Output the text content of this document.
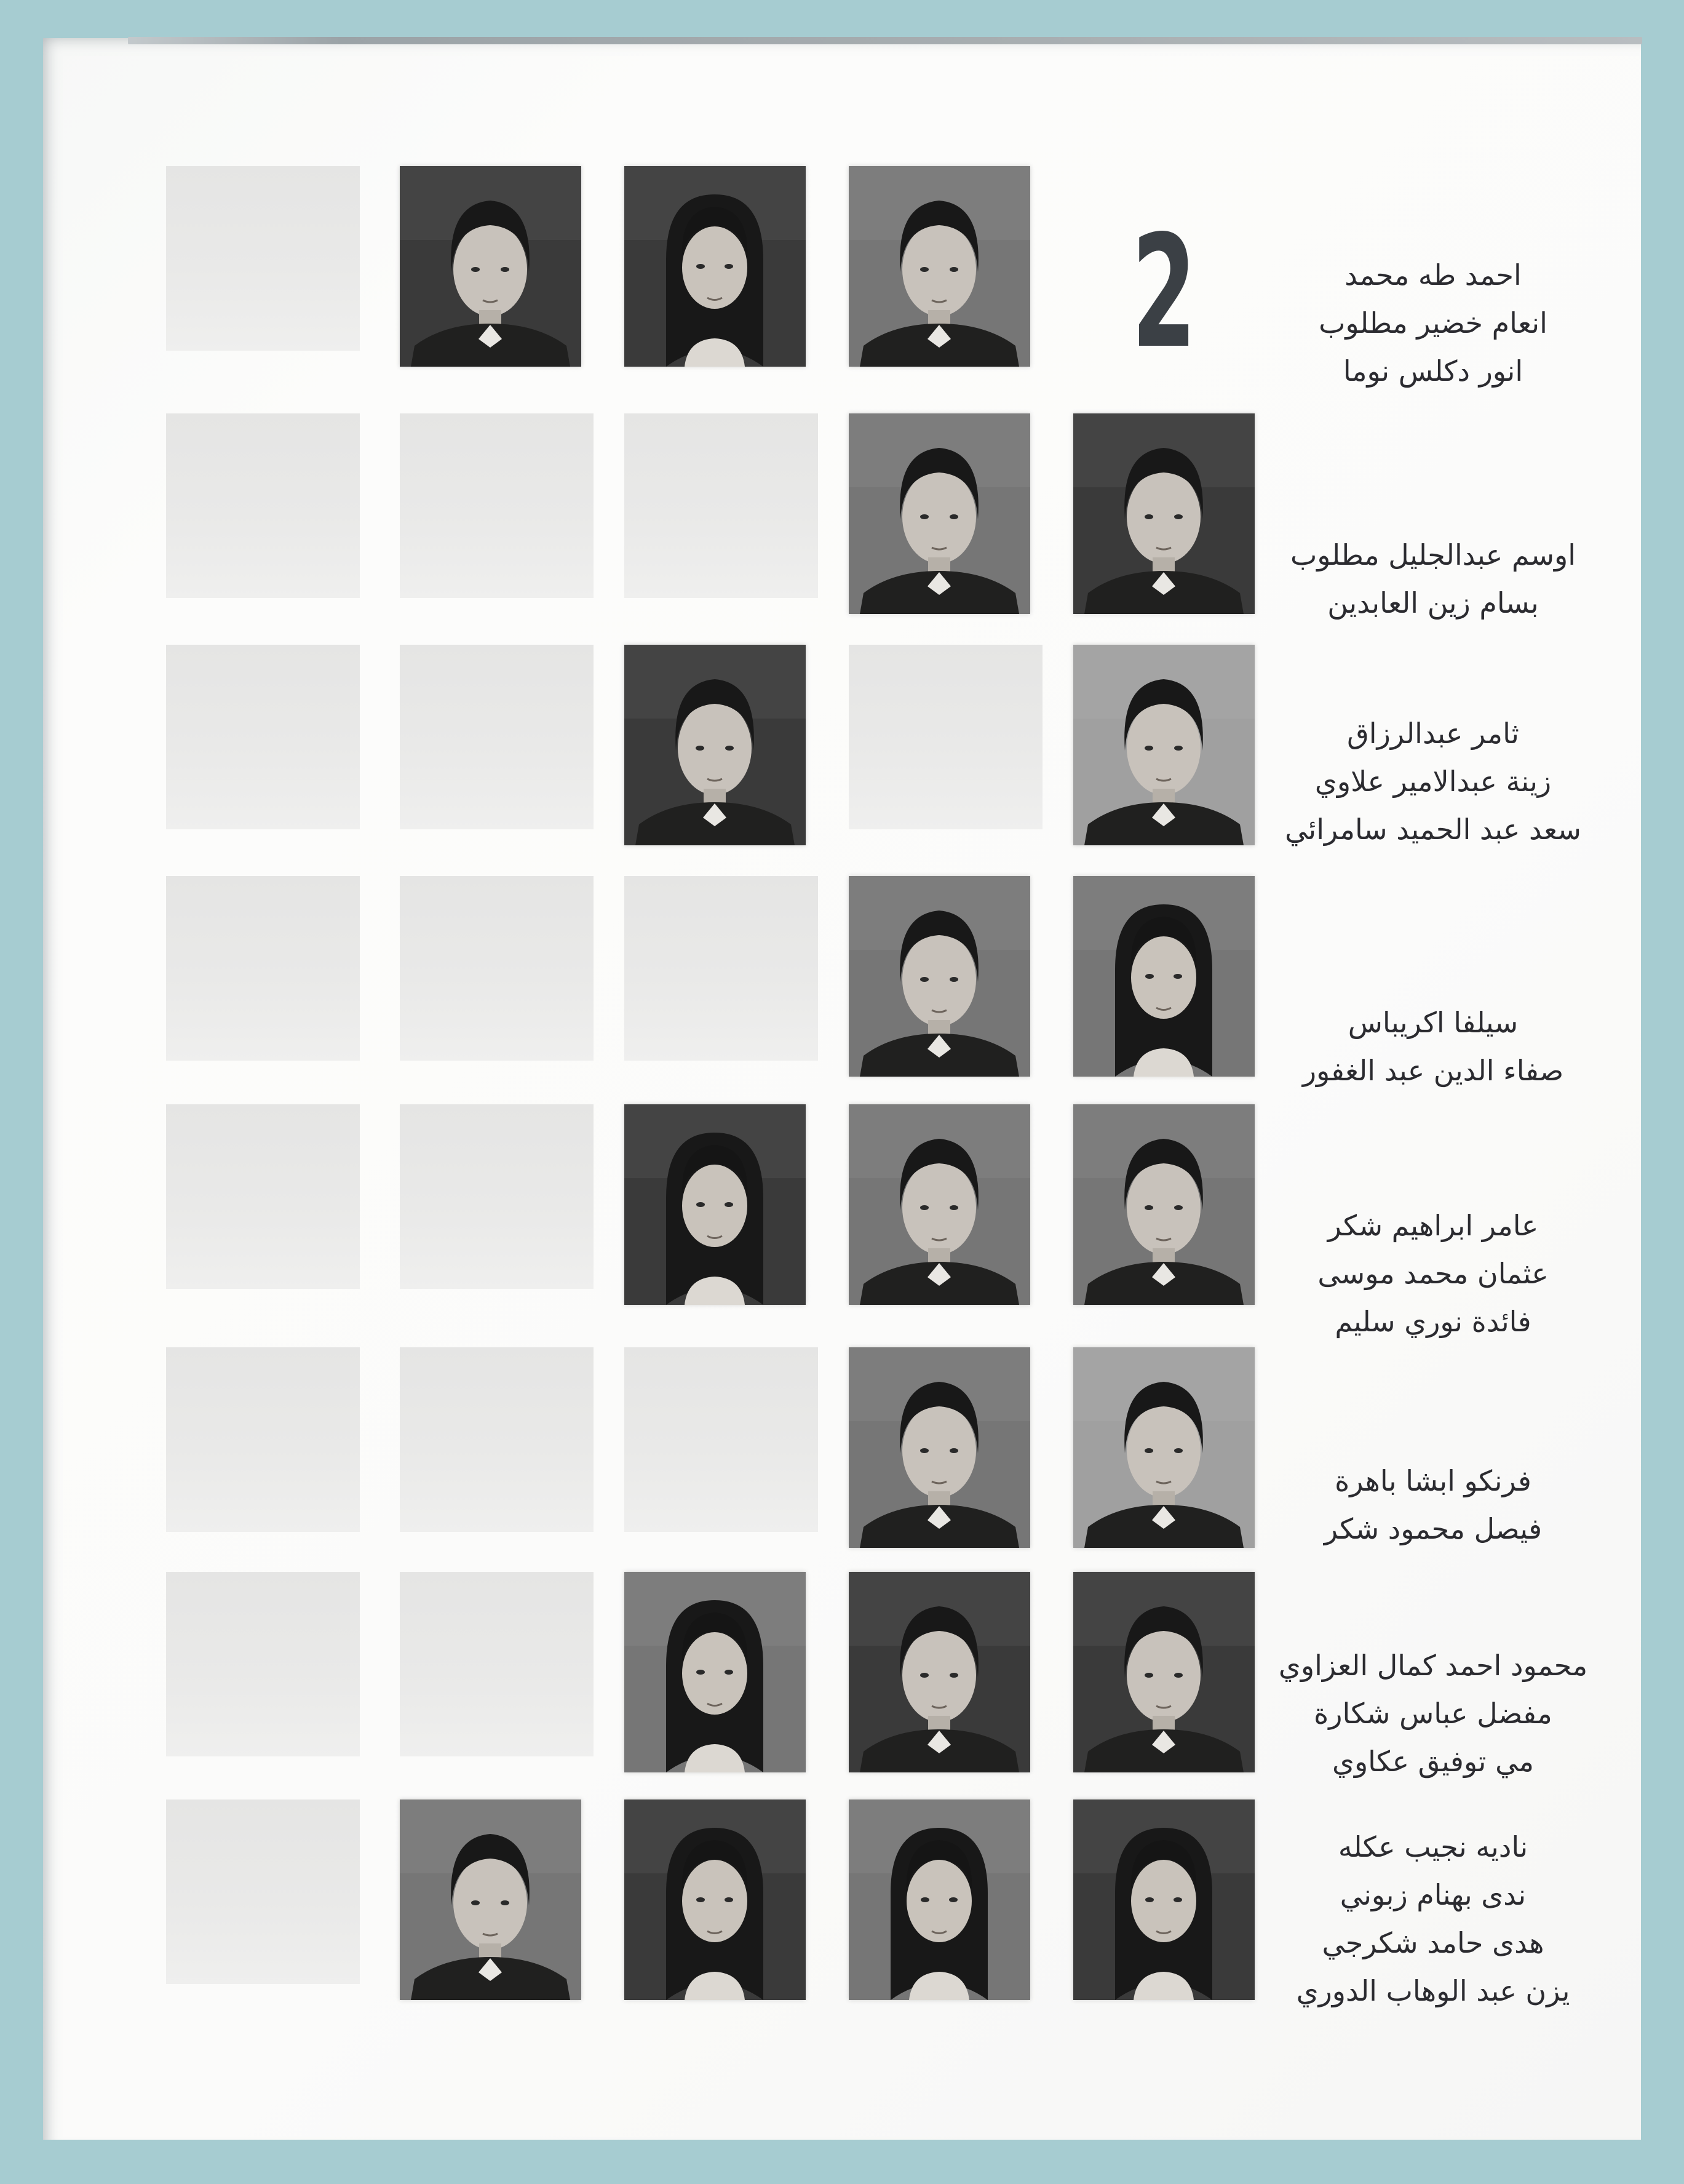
2	احمد طه محمد
انعام خضير مطلوب
انور دكلس نوما
اوسم عبدالجليل مطلوب
بسام زين العابدين
ثامر عبدالرزاق
زينة عبدالامير علاوي
سعد عبد الحميد سامرائي
سيلفا اكريباس
صفاء الدين عبد الغفور
عامر ابراهيم شكر
عثمان محمد موسى
فائدة نوري سليم
فرنكو ابشا باهرة
فيصل محمود شكر
محمود احمد كمال العزاوي
مفضل عباس شكارة
مي توفيق عكاوي
ناديه نجيب عكله
ندى بهنام زبوني
هدى حامد شكرجي
يزن عبد الوهاب الدوري
